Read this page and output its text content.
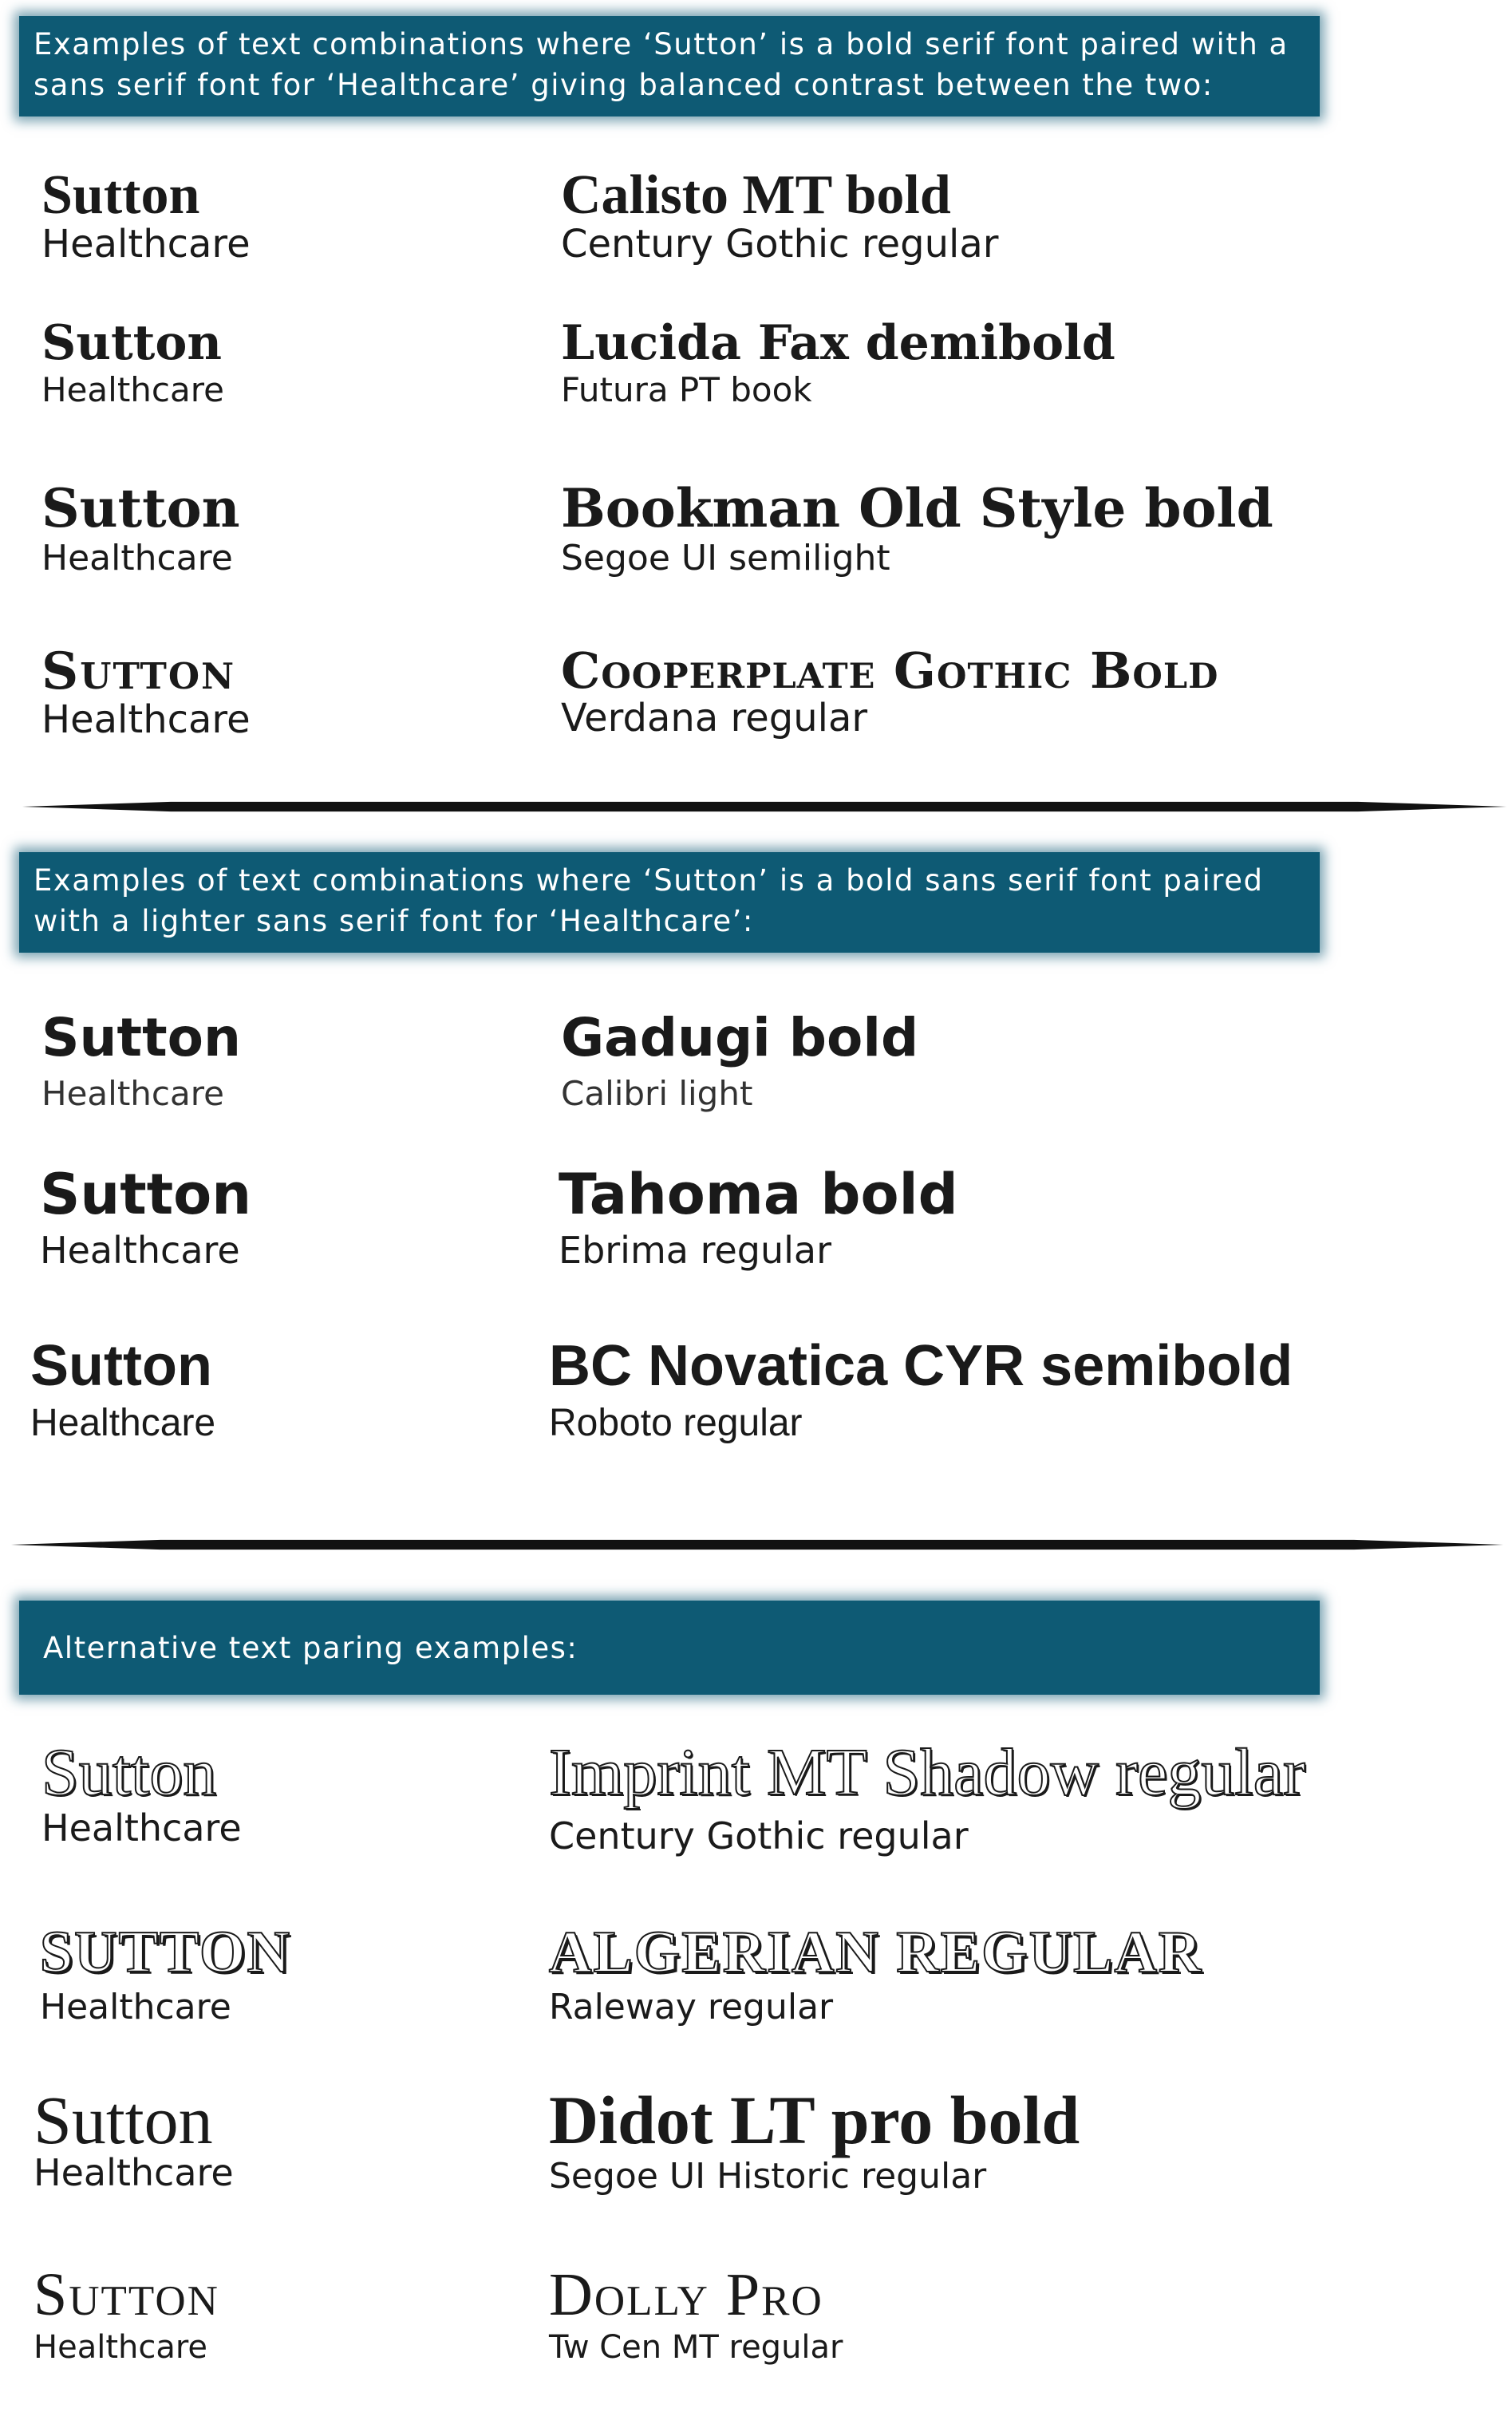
Examples of text combinations where ‘Sutton’ is a bold serif font paired with a sans serif font for ‘Healthcare’ giving balanced contrast between the two:
Sutton
Healthcare
Calisto MT bold
Century Gothic regular
Sutton
Healthcare
Lucida Fax demibold
Futura PT book
Sutton
Healthcare
Bookman Old Style bold
Segoe UI semilight
Sutton
Healthcare
Cooperplate Gothic Bold
Verdana regular
Examples of text combinations where ‘Sutton’ is a bold sans serif font paired with a lighter sans serif font for ‘Healthcare’:
Sutton
Healthcare
Gadugi bold
Calibri light
Sutton
Healthcare
Tahoma bold
Ebrima regular
Sutton
Healthcare
BC Novatica CYR semibold
Roboto regular
Alternative text paring examples:
Sutton
Healthcare
Imprint MT Shadow regular
Century Gothic regular
SUTTON
Healthcare
ALGERIAN REGULAR
Raleway regular
Sutton
Healthcare
Didot LT pro bold
Segoe UI Historic regular
Sutton
Healthcare
Dolly Pro
Tw Cen MT regular
